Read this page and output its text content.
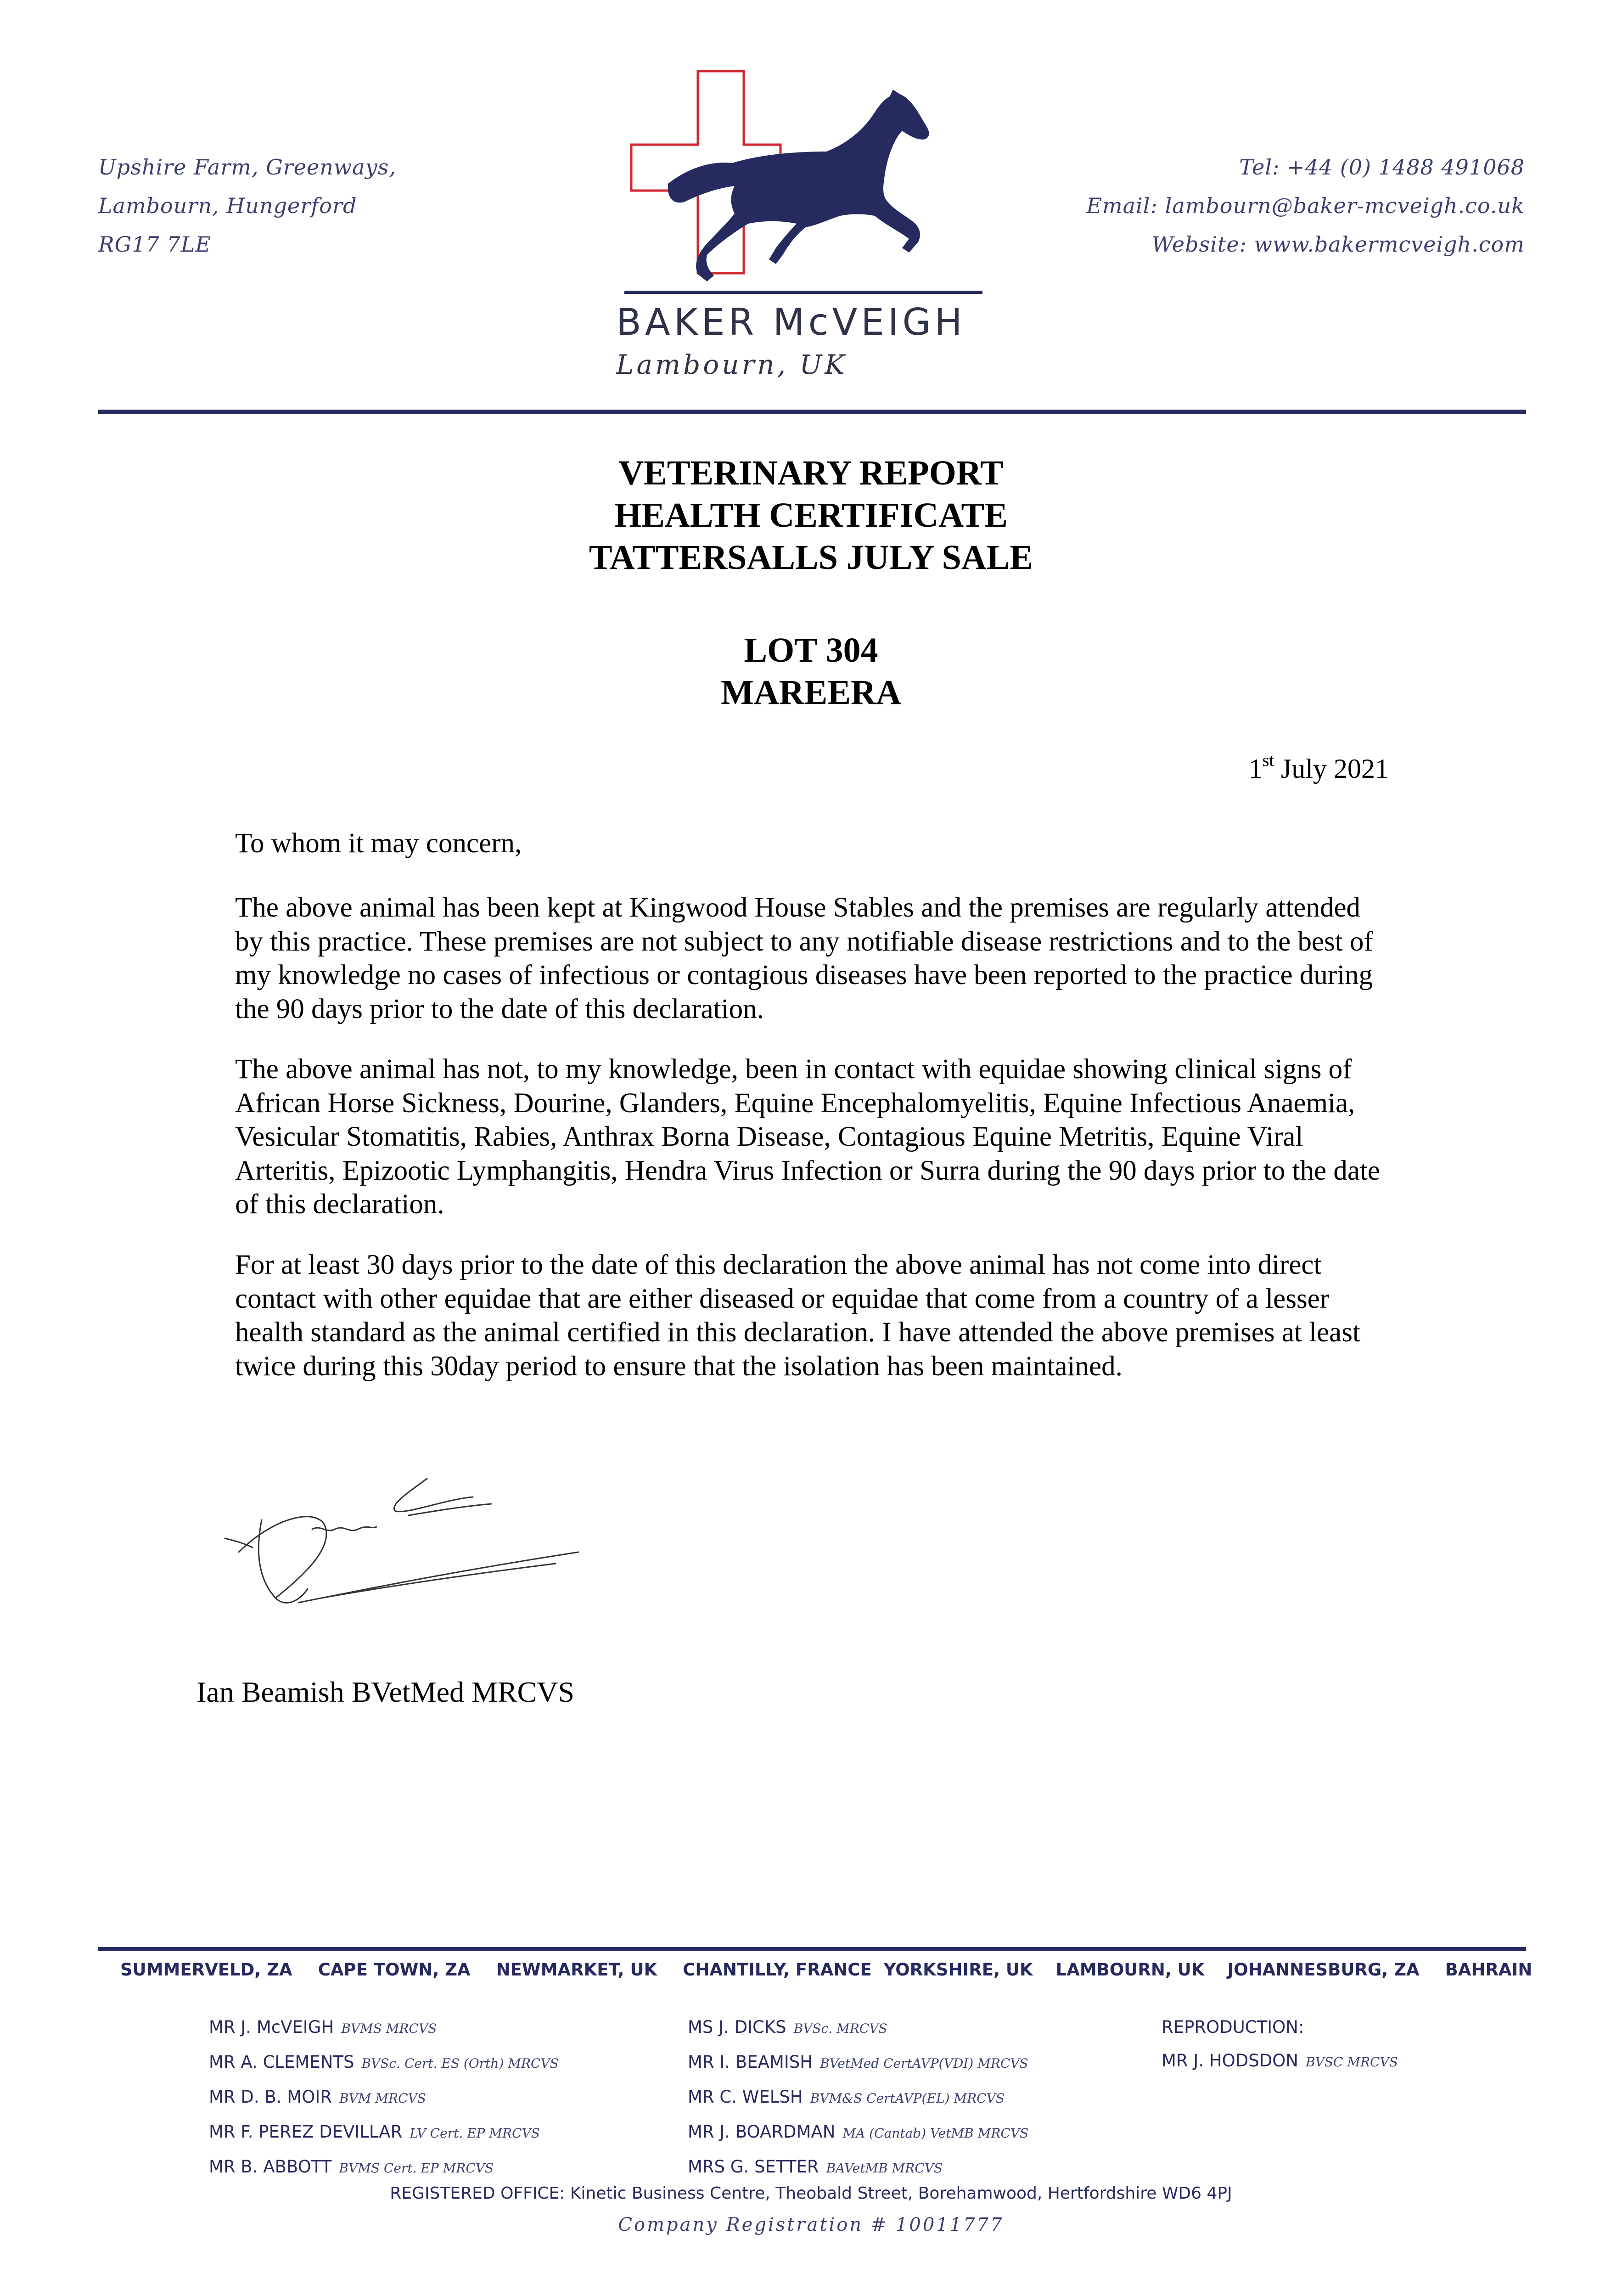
Upshire Farm, Greenways,
Lambourn, Hungerford
RG17 7LE
BAKER McVEIGH
Lambourn, UK
Tel: +44 (0) 1488 491068
Email: lambourn@baker-mcveigh.co.uk
Website: www.bakermcveigh.com
VETERINARY REPORT
HEALTH CERTIFICATE
TATTERSALLS JULY SALE
LOT 304
MAREERA
1st July 2021

To whom it may concern,

The above animal has been kept at Kingwood House Stables and the premises are regularly attended by this practice. These premises are not subject to any notifiable disease restrictions and to the best of my knowledge no cases of infectious or contagious diseases have been reported to the practice during the 90 days prior to the date of this declaration.

The above animal has not, to my knowledge, been in contact with equidae showing clinical signs of African Horse Sickness, Dourine, Glanders, Equine Encephalomyelitis, Equine Infectious Anaemia, Vesicular Stomatitis, Rabies, Anthrax Borna Disease, Contagious Equine Metritis, Equine Viral Arteritis, Epizootic Lymphangitis, Hendra Virus Infection or Surra during the 90 days prior to the date of this declaration.

For at least 30 days prior to the date of this declaration the above animal has not come into direct contact with other equidae that are either diseased or equidae that come from a country of a lesser health standard as the animal certified in this declaration. I have attended the above premises at least twice during this 30day period to ensure that the isolation has been maintained.

Ian Beamish BVetMed MRCVS
SUMMERVELD, ZA CAPE TOWN, ZA NEWMARKET, UK CHANTILLY, FRANCE YORKSHIRE, UK LAMBOURN, UK JOHANNESBURG, ZA BAHRAIN
MR J. McVEIGH BVMS MRCVS
MR A. CLEMENTS BVSc. Cert. ES (Orth) MRCVS
MR D. B. MOIR BVM MRCVS
MR F. PEREZ DEVILLAR LV Cert. EP MRCVS
MR B. ABBOTT BVMS Cert. EP MRCVS
MS J. DICKS BVSc. MRCVS
MR I. BEAMISH BVetMed CertAVP(VDI) MRCVS
MR C. WELSH BVM&S CertAVP(EL) MRCVS
MR J. BOARDMAN MA (Cantab) VetMB MRCVS
MRS G. SETTER BAVetMB MRCVS
REPRODUCTION:
MR J. HODSDON BVSC MRCVS
REGISTERED OFFICE: Kinetic Business Centre, Theobald Street, Borehamwood, Hertfordshire WD6 4PJ
Company Registration # 10011777
